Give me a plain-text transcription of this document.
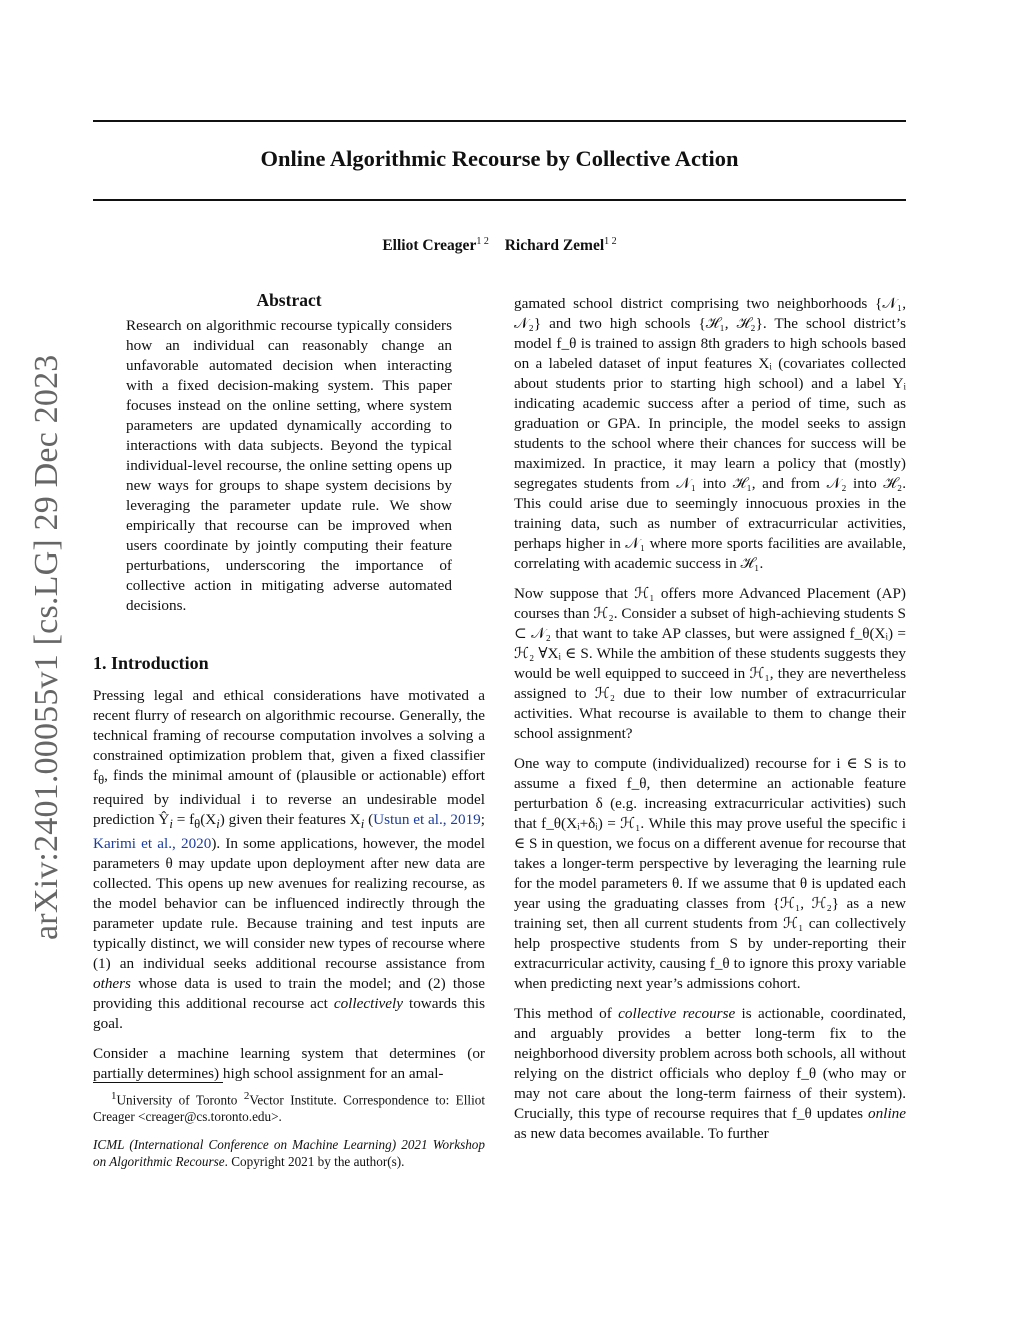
arXiv:2401.00055v1 [cs.LG] 29 Dec 2023
Online Algorithmic Recourse by Collective Action
Elliot Creager$^{1 2}$ Richard Zemel$^{1 2}$
Abstract
Research on algorithmic recourse typically considers how an individual can reasonably change an unfavorable automated decision when interacting with a fixed decision-making system. This paper focuses instead on the online setting, where system parameters are updated dynamically according to interactions with data subjects. Beyond the typical individual-level recourse, the online setting opens up new ways for groups to shape system decisions by leveraging the parameter update rule. We show empirically that recourse can be improved when users coordinate by jointly computing their feature perturbations, underscoring the importance of collective action in mitigating adverse automated decisions.
1. Introduction

Pressing legal and ethical considerations have motivated a recent flurry of research on algorithmic recourse. Generally, the technical framing of recourse computation involves a solving a constrained optimization problem that, given a fixed classifier $f_\theta$, finds the minimal amount of (plausible or actionable) effort required by individual i to reverse an undesirable model prediction $Ŷ_i = f_\theta(X_i)$ given their features $X_i$ (Ustun et al., 2019; Karimi et al., 2020). In some applications, however, the model parameters θ may update upon deployment after new data are collected. This opens up new avenues for realizing recourse, as the model behavior can be influenced indirectly through the parameter update rule. Because training and test inputs are typically distinct, we will consider new types of recourse where (1) an individual seeks additional recourse assistance from others whose data is used to train the model; and (2) those providing this additional recourse act collectively towards this goal.

Consider a machine learning system that determines (or partially determines) high school assignment for an amal-

$^1$University of Toronto $^2$Vector Institute. Correspondence to: Elliot Creager <creager@cs.toronto.edu>.

ICML (International Conference on Machine Learning) 2021 Workshop on Algorithmic Recourse. Copyright 2021 by the author(s).

gamated school district comprising two neighborhoods {𝒩₁, 𝒩₂} and two high schools {ℋ₁, ℋ₂}. The school district’s model f_θ is trained to assign 8th graders to high schools based on a labeled dataset of input features Xᵢ (covariates collected about students prior to starting high school) and a label Yᵢ indicating academic success after a period of time, such as graduation or GPA. In principle, the model seeks to assign students to the school where their chances for success will be maximized. In practice, it may learn a policy that (mostly) segregates students from 𝒩₁ into ℋ₁, and from 𝒩₂ into ℋ₂. This could arise due to seemingly innocuous proxies in the training data, such as number of extracurricular activities, perhaps higher in 𝒩₁ where more sports facilities are available, correlating with academic success in ℋ₁.

Now suppose that ℋ₁ offers more Advanced Placement (AP) courses than ℋ₂. Consider a subset of high-achieving students S ⊂ 𝒩₂ that want to take AP classes, but were assigned f_θ(Xᵢ) = ℋ₂ ∀Xᵢ ∈ S. While the ambition of these students suggests they would be well equipped to succeed in ℋ₁, they are nevertheless assigned to ℋ₂ due to their low number of extracurricular activities. What recourse is available to them to change their school assignment?

One way to compute (individualized) recourse for i ∈ S is to assume a fixed f_θ, then determine an actionable feature perturbation δ (e.g. increasing extracurricular activities) such that f_θ(Xᵢ+δᵢ) = ℋ₁. While this may prove useful the specific i ∈ S in question, we focus on a different avenue for recourse that takes a longer-term perspective by leveraging the learning rule for the model parameters θ. If we assume that θ is updated each year using the graduating classes from {ℋ₁, ℋ₂} as a new training set, then all current students from ℋ₁ can collectively help prospective students from S by under-reporting their extracurricular activity, causing f_θ to ignore this proxy variable when predicting next year’s admissions cohort.

This method of collective recourse is actionable, coordinated, and arguably provides a better long-term fix to the neighborhood diversity problem across both schools, all without relying on the district officials who deploy f_θ (who may or may not care about the long-term fairness of their system). Crucially, this type of recourse requires that f_θ updates online as new data becomes available. To further
